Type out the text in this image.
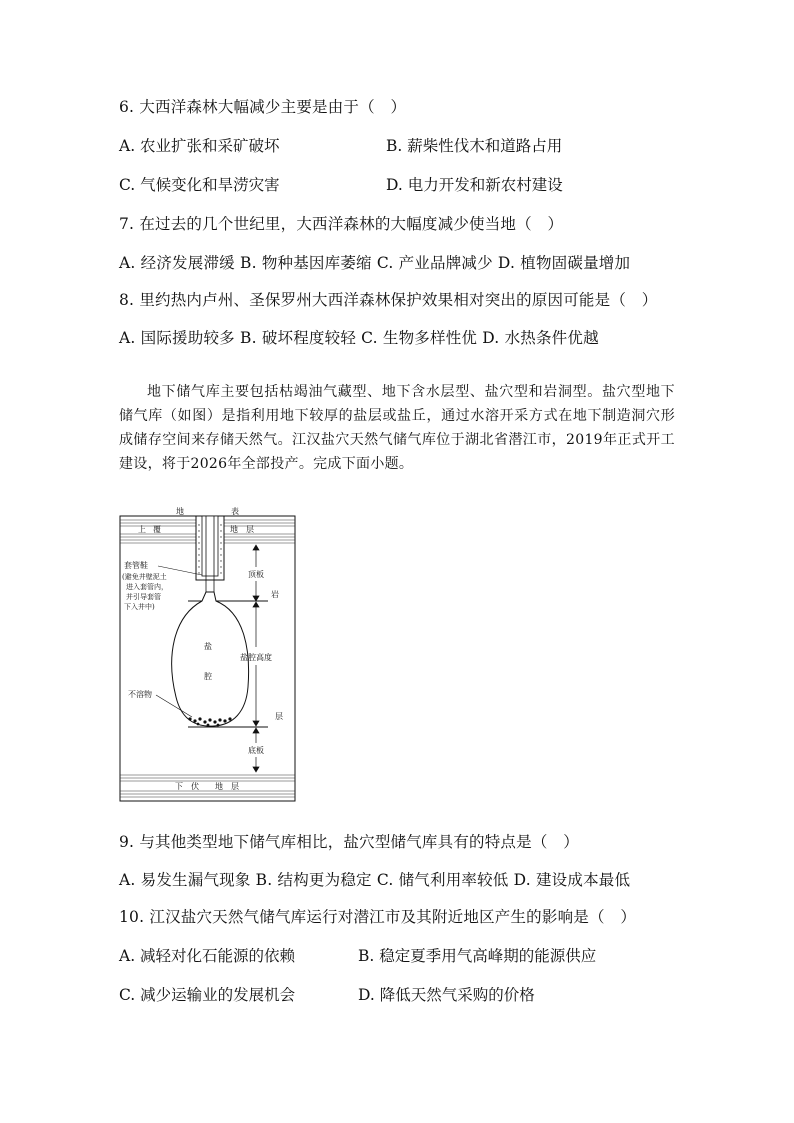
6. 大西洋森林大幅减少主要是由于（　）
A. 农业扩张和采矿破坏	B. 薪柴性伐木和道路占用
C. 气候变化和旱涝灾害	D. 电力开发和新农村建设
7. 在过去的几个世纪里，大西洋森林的大幅度减少使当地（　）
A. 经济发展滞缓 B. 物种基因库萎缩 C. 产业品牌减少 D. 植物固碳量增加
8. 里约热内卢州、圣保罗州大西洋森林保护效果相对突出的原因可能是（　）
A. 国际援助较多 B. 破坏程度较轻 C. 生物多样性优 D. 水热条件优越
地下储气库主要包括枯竭油气藏型、地下含水层型、盐穴型和岩洞型。盐穴型地下储气库（如图）是指利用地下较厚的盐层或盐丘，通过水溶开采方式在地下制造洞穴形成储存空间来存储天然气。江汉盐穴天然气储气库位于湖北省潜江市，2019年正式开工建设，将于2026年全部投产。完成下面小题。
地	表
上 覆	地 层
盐
腔
套管鞋
(避免井壁泥土
进入套管内，
并引导套管
下入井中)
不溶物
顶板
盐腔高度
底板
岩
层
下 伏 地 层
9. 与其他类型地下储气库相比，盐穴型储气库具有的特点是（　）
A. 易发生漏气现象 B. 结构更为稳定 C. 储气利用率较低 D. 建设成本最低
10. 江汉盐穴天然气储气库运行对潜江市及其附近地区产生的影响是（　）
A. 减轻对化石能源的依赖	B. 稳定夏季用气高峰期的能源供应
C. 减少运输业的发展机会	D. 降低天然气采购的价格
